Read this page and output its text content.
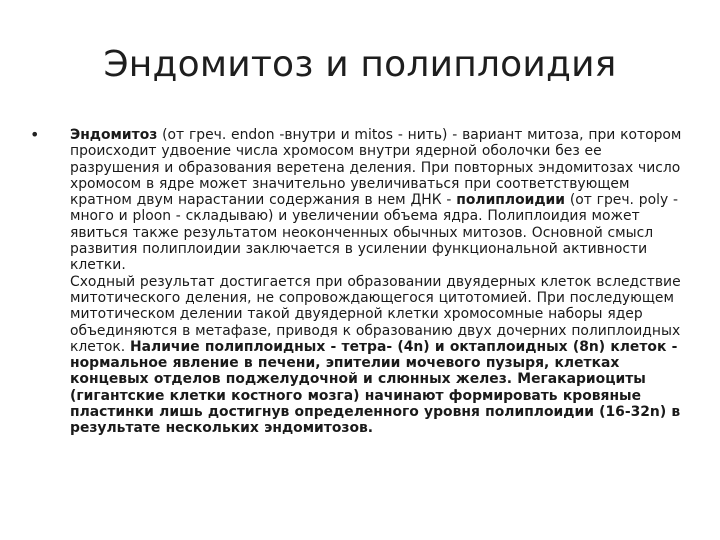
Эндомитоз и полиплоидия
• Эндомитоз (от греч. endon -внутри и mitos - нить) - вариант митоза, при котором происходит удвоение числа хромосом внутри ядерной оболочки без ее разрушения и образования веретена деления. При повторных эндомитозах число хромосом в ядре может значительно увеличиваться при соответствующем кратном двум нарастании содержания в нем ДНК - полиплоидии (от греч. poly - много и ploon - складываю) и увеличении объема ядра. Полиплоидия может явиться также результатом неоконченных обычных митозов. Основной смысл развития полиплоидии заключается в усилении функциональной активности клетки.
Сходный результат достигается при образовании двуядерных клеток вследствие митотического деления, не сопровождающегося цитотомией. При последующем митотическом делении такой двуядерной клетки хромосомные наборы ядер объединяются в метафазе, приводя к образованию двух дочерних полиплоидных клеток. Наличие полиплоидных - тетра- (4n) и октаплоидных (8n) клеток - нормальное явление в печени, эпителии мочевого пузыря, клетках концевых отделов поджелудочной и слюнных желез. Мегакариоциты (гигантские клетки костного мозга) начинают формировать кровяные пластинки лишь достигнув определенного уровня полиплоидии (16-32n) в результате нескольких эндомитозов.
